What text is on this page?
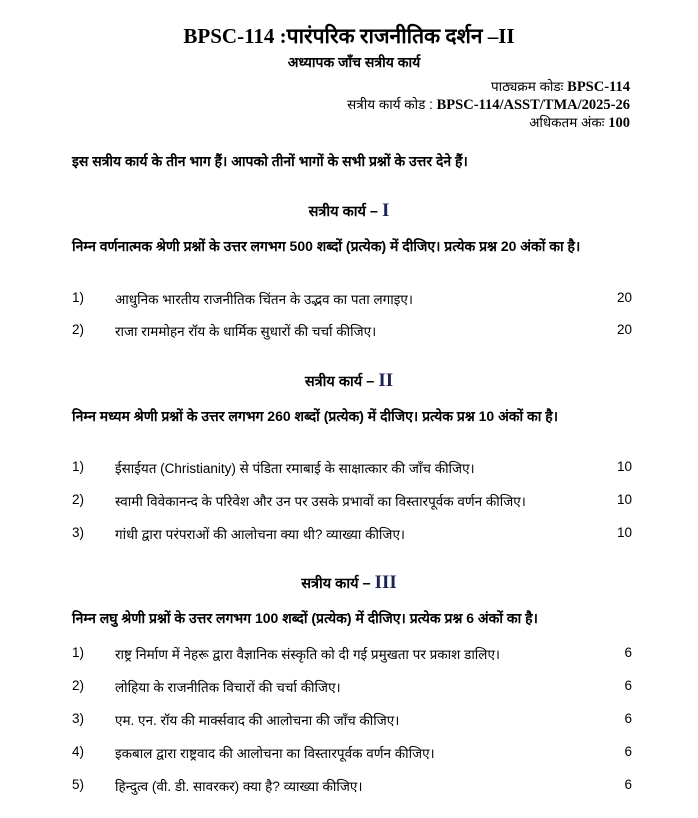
BPSC-114 :पारंपरिक राजनीतिक दर्शन –II
अध्यापक जाँच सत्रीय कार्य
पाठ्यक्रम कोडः BPSC-114
सत्रीय कार्य कोड : BPSC-114/ASST/TMA/2025-26
अधिकतम अंकः 100
इस सत्रीय कार्य के तीन भाग हैं। आपको तीनों भागों के सभी प्रश्नों के उत्तर देने हैं।
सत्रीय कार्य – I
निम्न वर्णनात्मक श्रेणी प्रश्नों के उत्तर लगभग 500 शब्दों (प्रत्येक) में दीजिए। प्रत्येक प्रश्न 20 अंकों का है।
1) आधुनिक भारतीय राजनीतिक चिंतन के उद्भव का पता लगाइए।	20
2) राजा राममोहन रॉय के धार्मिक सुधारों की चर्चा कीजिए।	20
सत्रीय कार्य – II
निम्न मध्यम श्रेणी प्रश्नों के उत्तर लगभग 260 शब्दों (प्रत्येक) में दीजिए। प्रत्येक प्रश्न 10 अंकों का है।
1) ईसाईयत (Christianity) से पंडिता रमाबाई के साक्षात्कार की जाँच कीजिए।	10
2) स्वामी विवेकानन्द के परिवेश और उन पर उसके प्रभावों का विस्तारपूर्वक वर्णन कीजिए।	10
3) गांधी द्वारा परंपराओं की आलोचना क्या थी? व्याख्या कीजिए।	10
सत्रीय कार्य – III
निम्न लघु श्रेणी प्रश्नों के उत्तर लगभग 100 शब्दों (प्रत्येक) में दीजिए। प्रत्येक प्रश्न 6 अंकों का है।
1) राष्ट्र निर्माण में नेहरू द्वारा वैज्ञानिक संस्कृति को दी गई प्रमुखता पर प्रकाश डालिए।	6
2) लोहिया के राजनीतिक विचारों की चर्चा कीजिए।	6
3) एम. एन. रॉय की मार्क्सवाद की आलोचना की जाँच कीजिए।	6
4) इकबाल द्वारा राष्ट्रवाद की आलोचना का विस्तारपूर्वक वर्णन कीजिए।	6
5) हिन्दुत्व (वी. डी. सावरकर) क्या है? व्याख्या कीजिए।	6
